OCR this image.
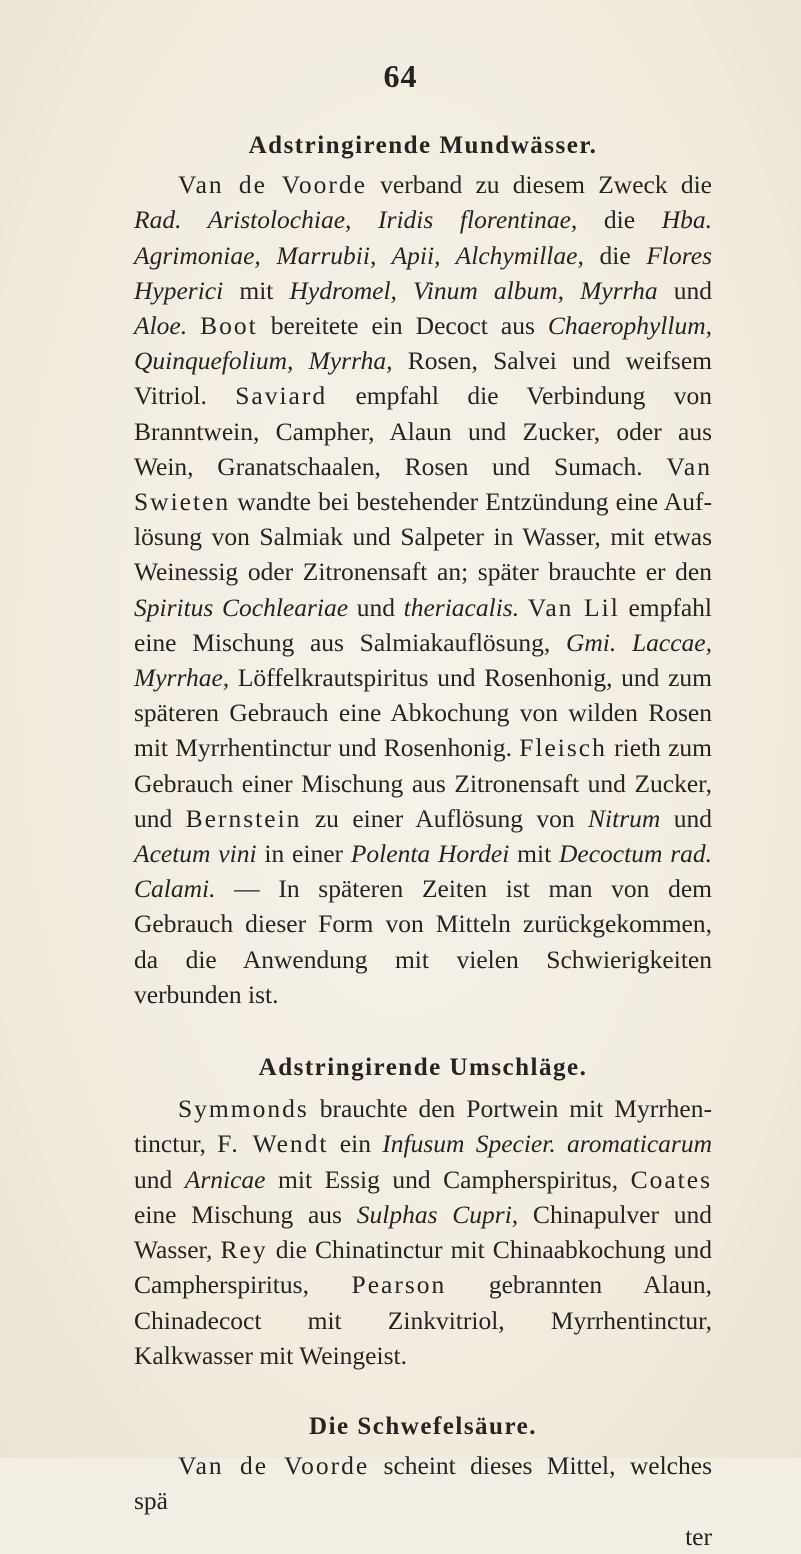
64
Adstringirende Mundwässer.

Van de Voorde verband zu diesem Zweck die Rad. Aristolochiae, Iridis florentinae, die Hba. Agrimoniae, Marrubii, Apii, Alchymillae, die Flores Hyperici mit Hydromel, Vinum album, Myrrha und Aloe. Boot bereitete ein Decoct aus Chaerophyllum, Quinquefolium, Myrrha, Rosen, Salvei und weifsem Vitriol. Saviard empfahl die Verbindung von Branntwein, Campher, Alaun und Zucker, oder aus Wein, Granatschaalen, Rosen und Sumach. Van Swieten wandte bei bestehender Entzündung eine Auflösung von Salmiak und Salpeter in Wasser, mit etwas Weinessig oder Zitronensaft an; später brauchte er den Spiritus Cochleariae und theriacalis. Van Lil empfahl eine Mischung aus Salmiakauflösung, Gmi. Laccae, Myrrhae, Löffelkrautspiritus und Rosenhonig, und zum späteren Gebrauch eine Abkochung von wilden Rosen mit Myrrhentinctur und Rosenhonig. Fleisch rieth zum Gebrauch einer Mischung aus Zitronensaft und Zucker, und Bernstein zu einer Auflösung von Nitrum und Acetum vini in einer Polenta Hordei mit Decoctum rad. Calami. — In späteren Zeiten ist man von dem Gebrauch dieser Form von Mitteln zurückgekommen, da die Anwendung mit vielen Schwierigkeiten verbunden ist.

Adstringirende Umschläge.

Symmonds brauchte den Portwein mit Myrrhentinctur, F. Wendt ein Infusum Specier. aromaticarum und Arnicae mit Essig und Campherspiritus, Coates eine Mischung aus Sulphas Cupri, Chinapulver und Wasser, Rey die Chinatinctur mit Chinaabkochung und Campherspiritus, Pearson gebrannten Alaun, Chinadecoct mit Zinkvitriol, Myrrhentinctur, Kalkwasser mit Weingeist.

Die Schwefelsäure.

Van de Voorde scheint dieses Mittel, welches spä

ter
